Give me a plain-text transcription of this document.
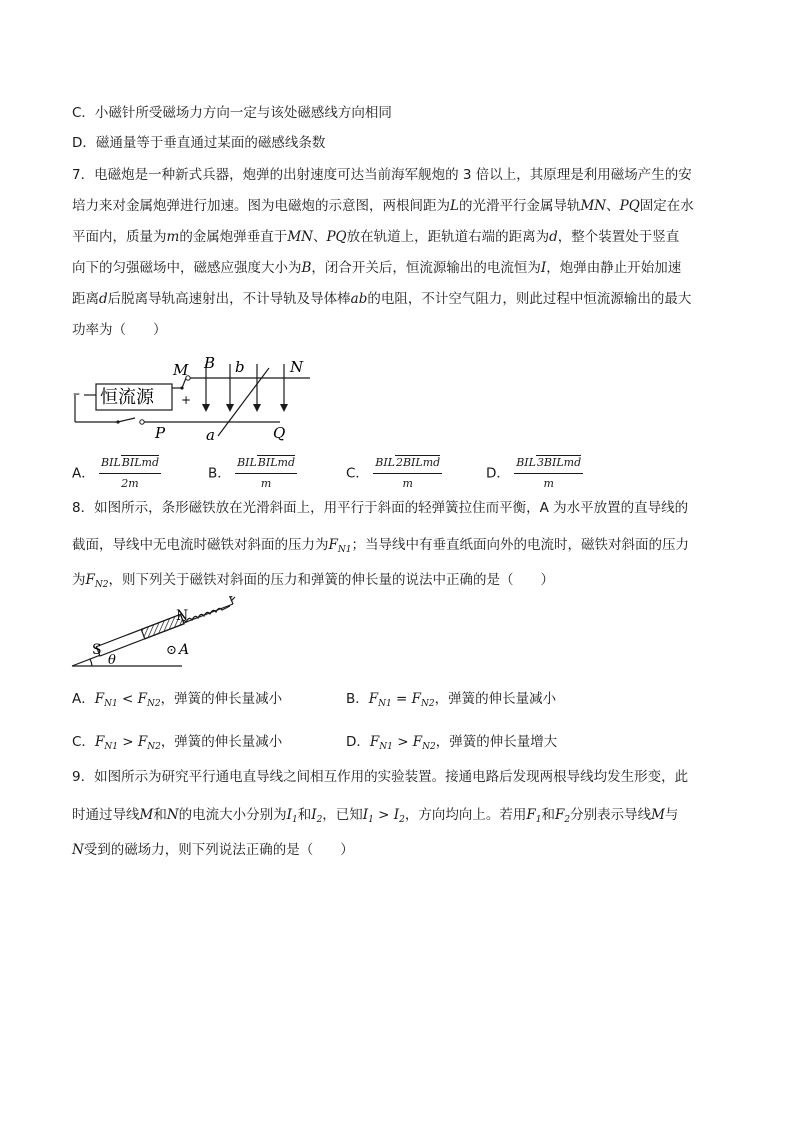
C．小磁针所受磁场力方向一定与该处磁感线方向相同
D．磁通量等于垂直通过某面的磁感线条数
7．电磁炮是一种新式兵器，炮弹的出射速度可达当前海军舰炮的 3 倍以上，其原理是利用磁场产生的安
培力来对金属炮弹进行加速。图为电磁炮的示意图，两根间距为L的光滑平行金属导轨MN、PQ固定在水
平面内，质量为m的金属炮弹垂直于MN、PQ放在轨道上，距轨道右端的距离为d，整个装置处于竖直
向下的匀强磁场中，磁感应强度大小为B，闭合开关后，恒流源输出的电流恒为I，炮弹由静止开始加速
距离d后脱离导轨高速射出，不计导轨及导体棒ab的电阻，不计空气阻力，则此过程中恒流源输出的最大
功率为（　　）
– 恒流源 +
M B b	N
P	a	Q
A． $\frac{\text{BILBILmd}}{2m}$	B． $\frac{\text{BILBILmd}}{m}$	C． $\frac{\text{BIL2BILmd}}{m}$	D． $\frac{\text{BIL3BILmd}}{m}$
8．如图所示，条形磁铁放在光滑斜面上，用平行于斜面的轻弹簧拉住而平衡，A 为水平放置的直导线的
截面，导线中无电流时磁铁对斜面的压力为$F_{N1}$；当导线中有垂直纸面向外的电流时，磁铁对斜面的压力
为$F_{N2}$，则下列关于磁铁对斜面的压力和弹簧的伸长量的说法中正确的是（　　）
S
N
θ
⊙ A
A．$F_{N1} < F_{N2}$，弹簧的伸长量减小	B．$F_{N1} = F_{N2}$，弹簧的伸长量减小
C．$F_{N1} > F_{N2}$，弹簧的伸长量减小	D．$F_{N1} > F_{N2}$，弹簧的伸长量增大
9．如图所示为研究平行通电直导线之间相互作用的实验装置。接通电路后发现两根导线均发生形变，此
时通过导线M和N的电流大小分别为$I_1$和$I_2$，已知$I_1 > I_2$，方向均向上。若用$F_1$和$F_2$分别表示导线M与
N受到的磁场力，则下列说法正确的是（　　）
